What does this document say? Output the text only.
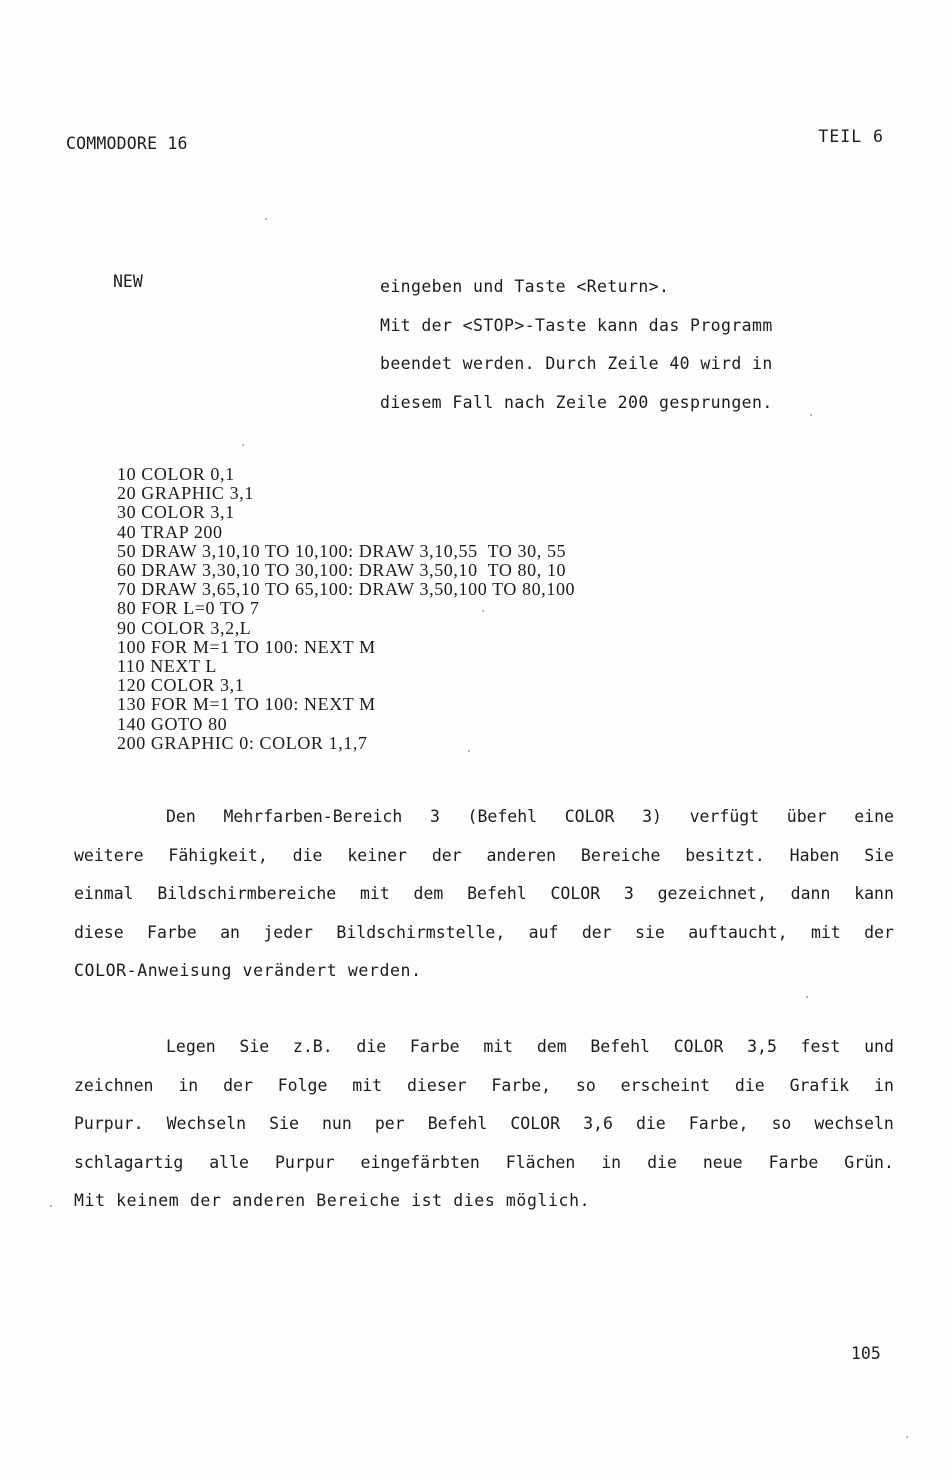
COMMODORE 16	TEIL 6
NEW	eingeben und Taste <Return>.
Mit der <STOP>-Taste kann das Programm
beendet werden. Durch Zeile 40 wird in
diesem Fall nach Zeile 200 gesprungen.
10 COLOR 0,1
20 GRAPHIC 3,1
30 COLOR 3,1
40 TRAP 200
50 DRAW 3,10,10 TO 10,100: DRAW 3,10,55  TO 30, 55
60 DRAW 3,30,10 TO 30,100: DRAW 3,50,10  TO 80, 10
70 DRAW 3,65,10 TO 65,100: DRAW 3,50,100 TO 80,100
80 FOR L=0 TO 7
90 COLOR 3,2,L
100 FOR M=1 TO 100: NEXT M
110 NEXT L
120 COLOR 3,1
130 FOR M=1 TO 100: NEXT M
140 GOTO 80
200 GRAPHIC 0: COLOR 1,1,7
Den Mehrfarben-Bereich 3 (Befehl COLOR 3) verfügt über eine
weitere Fähigkeit, die keiner der anderen Bereiche besitzt. Haben Sie
einmal Bildschirmbereiche mit dem Befehl COLOR 3 gezeichnet, dann kann
diese Farbe an jeder Bildschirmstelle, auf der sie auftaucht, mit der
COLOR-Anweisung verändert werden.
Legen Sie z.B. die Farbe mit dem Befehl COLOR 3,5 fest und
zeichnen in der Folge mit dieser Farbe, so erscheint die Grafik in
Purpur. Wechseln Sie nun per Befehl COLOR 3,6 die Farbe, so wechseln
schlagartig alle Purpur eingefärbten Flächen in die neue Farbe Grün.
Mit keinem der anderen Bereiche ist dies möglich.
105
